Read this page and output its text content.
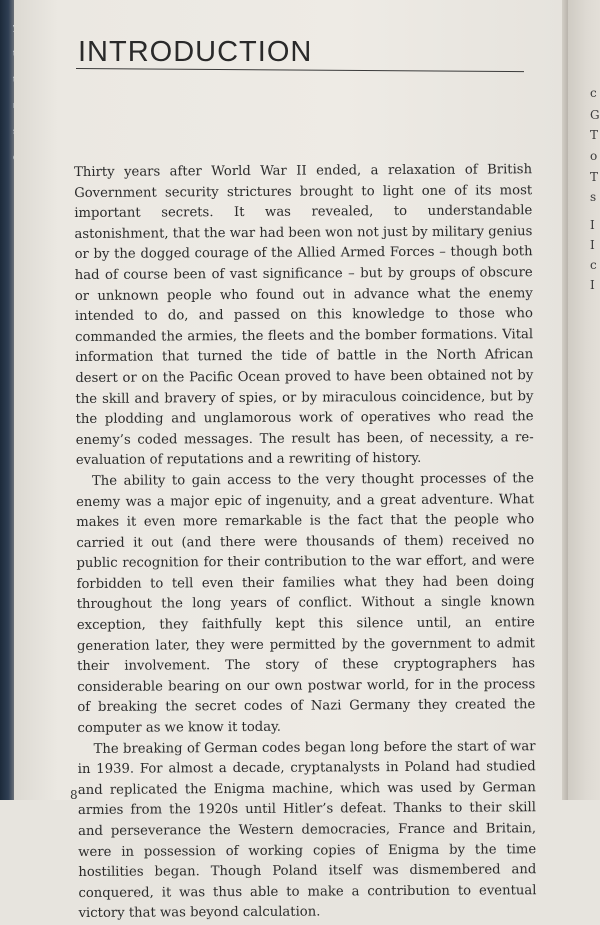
INTRODUCTION

Thirty years after World War II ended, a relaxation of British Government security strictures brought to light one of its most important secrets. It was revealed, to understandable astonishment, that the war had been won not just by military genius or by the dogged courage of the Allied Armed Forces – though both had of course been of vast significance – but by groups of obscure or unknown people who found out in advance what the enemy intended to do, and passed on this knowledge to those who commanded the armies, the fleets and the bomber formations. Vital information that turned the tide of battle in the North African desert or on the Pacific Ocean proved to have been obtained not by the skill and bravery of spies, or by miraculous coincidence, but by the plodding and unglamorous work of operatives who read the enemy’s coded messages. The result has been, of necessity, a re-evaluation of reputations and a rewriting of history.

The ability to gain access to the very thought processes of the enemy was a major epic of ingenuity, and a great adventure. What makes it even more remarkable is the fact that the people who carried it out (and there were thousands of them) received no public recognition for their contribution to the war effort, and were forbidden to tell even their families what they had been doing throughout the long years of conflict. Without a single known exception, they faithfully kept this silence until, an entire generation later, they were permitted by the government to admit their involvement. The story of these cryptographers has considerable bearing on our own postwar world, for in the process of breaking the secret codes of Nazi Germany they created the computer as we know it today.

The breaking of German codes began long before the start of war in 1939. For almost a decade, cryptanalysts in Poland had studied and replicated the Enigma machine, which was used by German armies from the 1920s until Hitler’s defeat. Thanks to their skill and perseverance the Western democracies, France and Britain, were in possession of working copies of Enigma by the time hostilities began. Though Poland itself was dismembered and conquered, it was thus able to make a contribution to eventual victory that was beyond calculation.

8
c
G
T
o
T
s
I
I
c
I
